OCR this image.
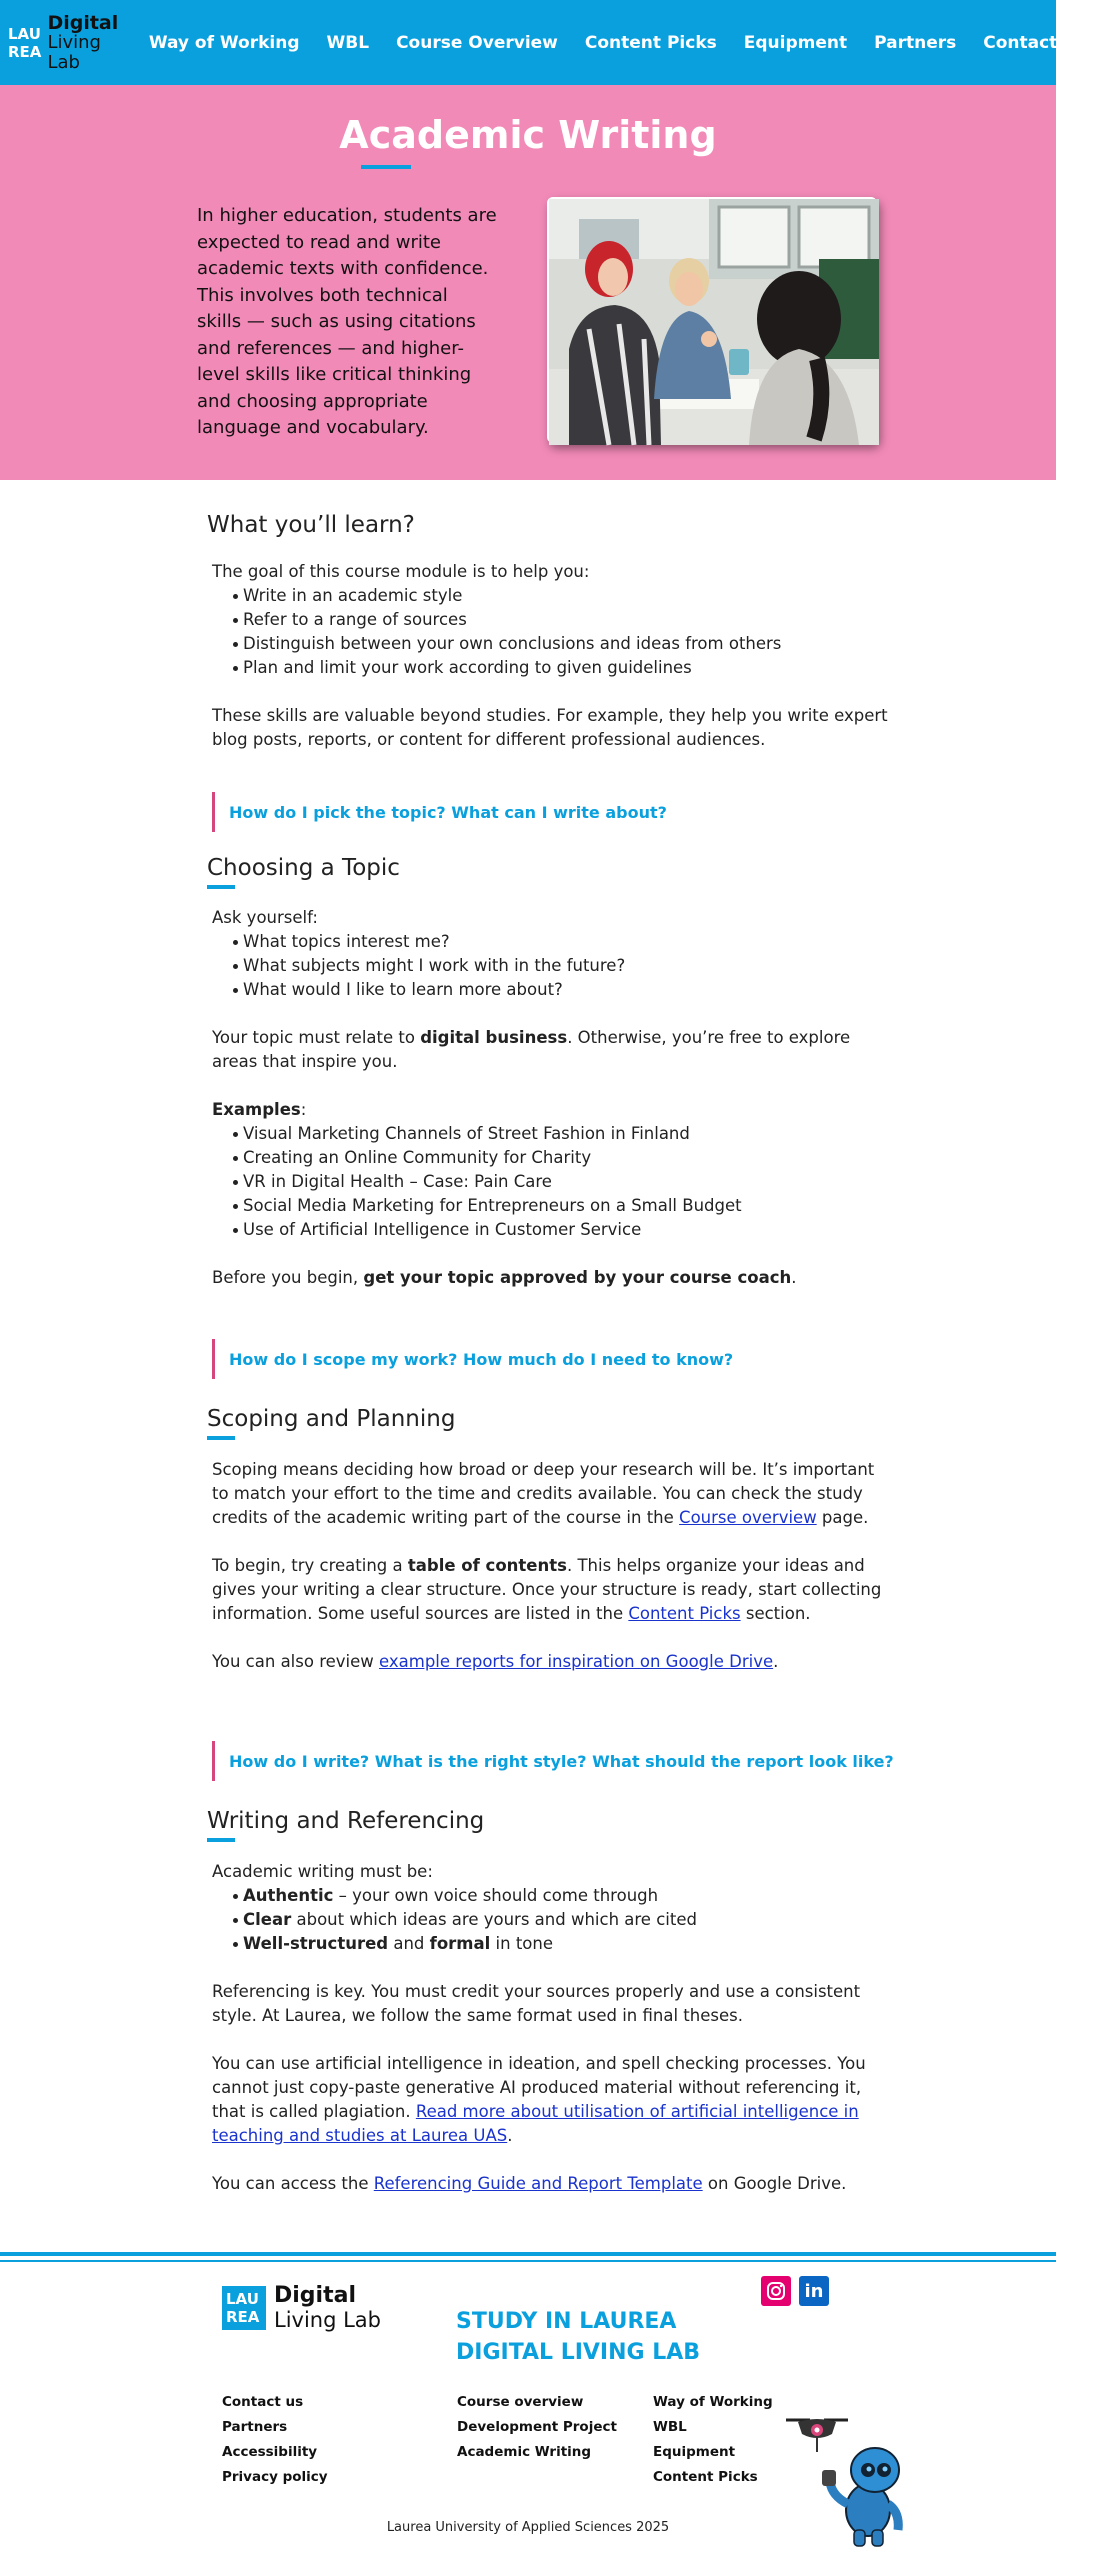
LAU
REA
Digital
Living Lab
Way of Working WBL Course Overview Content Picks Equipment Partners Contact us
Academic Writing

In higher education, students are expected to read and write academic texts with confidence. This involves both technical skills — such as using citations and references — and higher-level skills like critical thinking and choosing appropriate language and vocabulary.

What you’ll learn?

The goal of this course module is to help you:

Write in an academic style
Refer to a range of sources
Distinguish between your own conclusions and ideas from others
Plan and limit your work according to given guidelines

These skills are valuable beyond studies. For example, they help you write expert blog posts, reports, or content for different professional audiences.

How do I pick the topic? What can I write about?
Choosing a Topic

Ask yourself:

What topics interest me?
What subjects might I work with in the future?
What would I like to learn more about?

Your topic must relate to digital business. Otherwise, you’re free to explore areas that inspire you.

Examples:

Visual Marketing Channels of Street Fashion in Finland
Creating an Online Community for Charity
VR in Digital Health – Case: Pain Care
Social Media Marketing for Entrepreneurs on a Small Budget
Use of Artificial Intelligence in Customer Service

Before you begin, get your topic approved by your course coach.

How do I scope my work? How much do I need to know?
Scoping and Planning

Scoping means deciding how broad or deep your research will be. It’s important to match your effort to the time and credits available. You can check the study credits of the academic writing part of the course in the Course overview page.

To begin, try creating a table of contents. This helps organize your ideas and gives your writing a clear structure. Once your structure is ready, start collecting information. Some useful sources are listed in the Content Picks section.

You can also review example reports for inspiration on Google Drive.

How do I write? What is the right style? What should the report look like?
Writing and Referencing

Academic writing must be:

Authentic – your own voice should come through
Clear about which ideas are yours and which are cited
Well-structured and formal in tone

Referencing is key. You must credit your sources properly and use a consistent style. At Laurea, we follow the same format used in final theses.

You can use artificial intelligence in ideation, and spell checking processes. You cannot just copy-paste generative AI produced material without referencing it, that is called plagiation. Read more about utilisation of artificial intelligence in teaching and studies at Laurea UAS.

You can access the Referencing Guide and Report Template on Google Drive.

LAU
REA
Digital
Living Lab	STUDY IN LAUREA
DIGITAL LIVING LAB
in
Contact us
Partners
Accessibility
Privacy policy
Course overview
Development Project
Academic Writing
Way of Working
WBL
Equipment
Content Picks
Laurea University of Applied Sciences 2025
